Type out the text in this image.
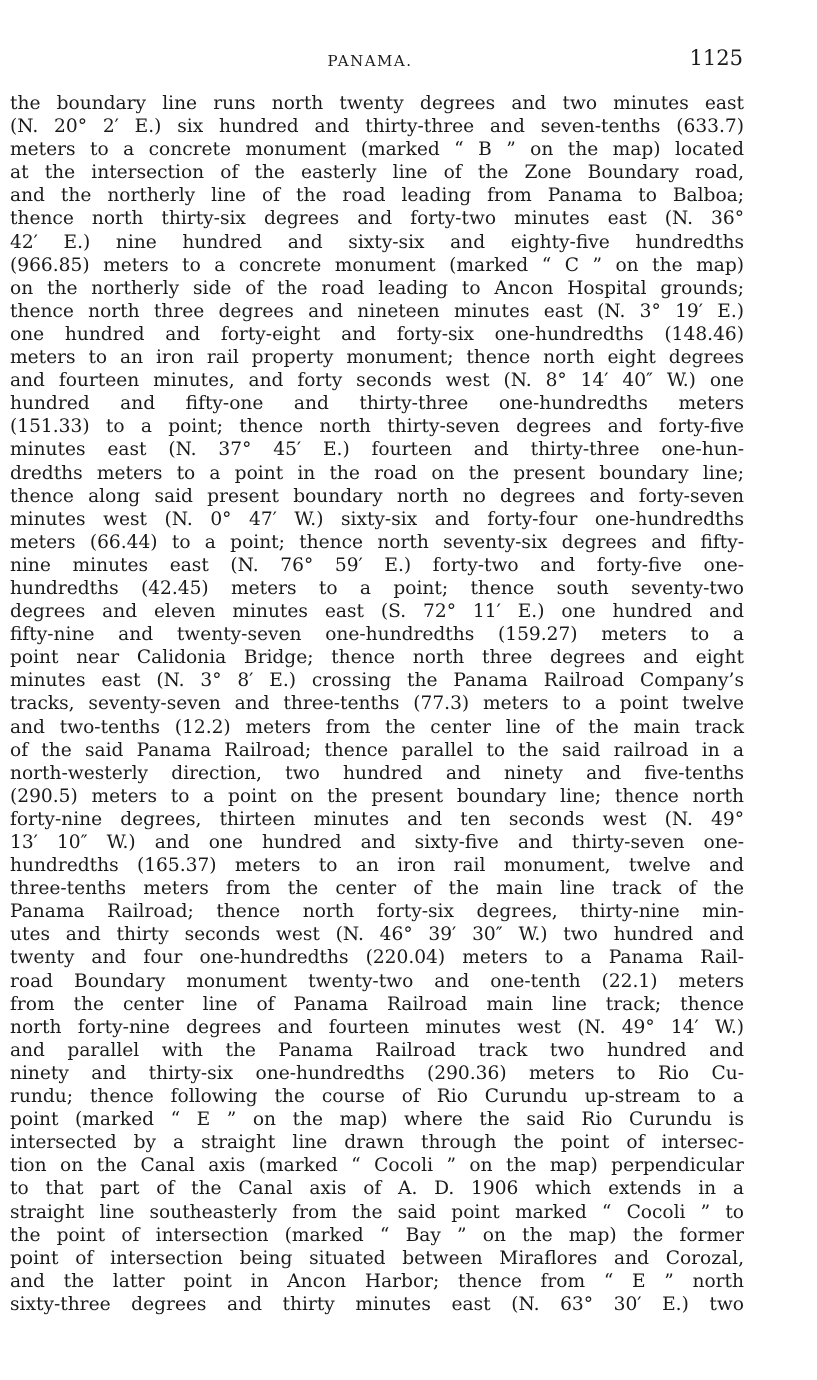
PANAMA.	1125
the boundary line runs north twenty degrees and two minutes east
(N. 20° 2′ E.) six hundred and thirty-three and seven-tenths (633.7)
meters to a concrete monument (marked “ B ” on the map) located
at the intersection of the easterly line of the Zone Boundary road,
and the northerly line of the road leading from Panama to Balboa;
thence north thirty-six degrees and forty-two minutes east (N. 36°
42′ E.) nine hundred and sixty-six and eighty-five hundredths
(966.85) meters to a concrete monument (marked “ C ” on the map)
on the northerly side of the road leading to Ancon Hospital grounds;
thence north three degrees and nineteen minutes east (N. 3° 19′ E.)
one hundred and forty-eight and forty-six one-hundredths (148.46)
meters to an iron rail property monument; thence north eight degrees
and fourteen minutes, and forty seconds west (N. 8° 14′ 40″ W.) one
hundred and fifty-one and thirty-three one-hundredths meters
(151.33) to a point; thence north thirty-seven degrees and forty-five
minutes east (N. 37° 45′ E.) fourteen and thirty-three one-hun-
dredths meters to a point in the road on the present boundary line;
thence along said present boundary north no degrees and forty-seven
minutes west (N. 0° 47′ W.) sixty-six and forty-four one-hundredths
meters (66.44) to a point; thence north seventy-six degrees and fifty-
nine minutes east (N. 76° 59′ E.) forty-two and forty-five one-
hundredths (42.45) meters to a point; thence south seventy-two
degrees and eleven minutes east (S. 72° 11′ E.) one hundred and
fifty-nine and twenty-seven one-hundredths (159.27) meters to a
point near Calidonia Bridge; thence north three degrees and eight
minutes east (N. 3° 8′ E.) crossing the Panama Railroad Company’s
tracks, seventy-seven and three-tenths (77.3) meters to a point twelve
and two-tenths (12.2) meters from the center line of the main track
of the said Panama Railroad; thence parallel to the said railroad in a
north-westerly direction, two hundred and ninety and five-tenths
(290.5) meters to a point on the present boundary line; thence north
forty-nine degrees, thirteen minutes and ten seconds west (N. 49°
13′ 10″ W.) and one hundred and sixty-five and thirty-seven one-
hundredths (165.37) meters to an iron rail monument, twelve and
three-tenths meters from the center of the main line track of the
Panama Railroad; thence north forty-six degrees, thirty-nine min-
utes and thirty seconds west (N. 46° 39′ 30″ W.) two hundred and
twenty and four one-hundredths (220.04) meters to a Panama Rail-
road Boundary monument twenty-two and one-tenth (22.1) meters
from the center line of Panama Railroad main line track; thence
north forty-nine degrees and fourteen minutes west (N. 49° 14′ W.)
and parallel with the Panama Railroad track two hundred and
ninety and thirty-six one-hundredths (290.36) meters to Rio Cu-
rundu; thence following the course of Rio Curundu up-stream to a
point (marked “ E ” on the map) where the said Rio Curundu is
intersected by a straight line drawn through the point of intersec-
tion on the Canal axis (marked “ Cocoli ” on the map) perpendicular
to that part of the Canal axis of A. D. 1906 which extends in a
straight line southeasterly from the said point marked “ Cocoli ” to
the point of intersection (marked “ Bay ” on the map) the former
point of intersection being situated between Miraflores and Corozal,
and the latter point in Ancon Harbor; thence from “ E ” north
sixty-three degrees and thirty minutes east (N. 63° 30′ E.) two
